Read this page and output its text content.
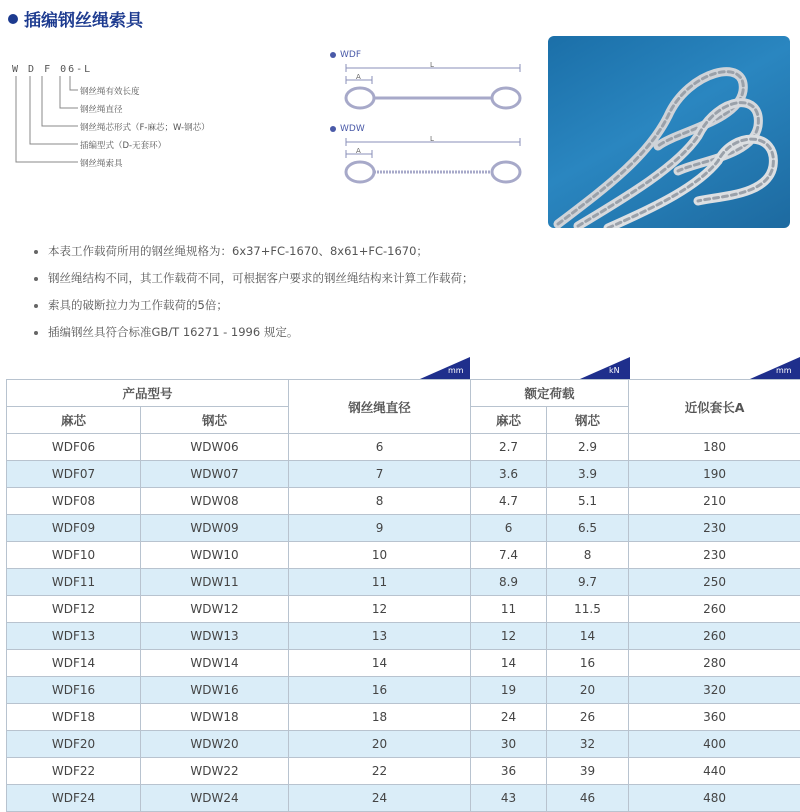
插编钢丝绳索具
W D F 06-L
钢丝绳有效长度
钢丝绳直径
钢丝绳芯形式（F-麻芯；W-钢芯）
插编型式（D-无套环）
钢丝绳索具
WDF
L
A
WDW
L
A
本表工作载荷所用的钢丝绳规格为：6x37+FC-1670、8x61+FC-1670；
钢丝绳结构不同，其工作载荷不同，可根据客户要求的钢丝绳结构来计算工作载荷；
索具的破断拉力为工作载荷的5倍；
插编钢丝具符合标准GB/T 16271 - 1996 规定。
mm	kN	mm
产品型号		钢丝绳直径	额定荷载		近似套长A
麻芯	钢芯		麻芯	钢芯	
WDF06	WDW06	6	2.7	2.9	180
WDF07	WDW07	7	3.6	3.9	190
WDF08	WDW08	8	4.7	5.1	210
WDF09	WDW09	9	6	6.5	230
WDF10	WDW10	10	7.4	8	230
WDF11	WDW11	11	8.9	9.7	250
WDF12	WDW12	12	11	11.5	260
WDF13	WDW13	13	12	14	260
WDF14	WDW14	14	14	16	280
WDF16	WDW16	16	19	20	320
WDF18	WDW18	18	24	26	360
WDF20	WDW20	20	30	32	400
WDF22	WDW22	22	36	39	440
WDF24	WDW24	24	43	46	480
